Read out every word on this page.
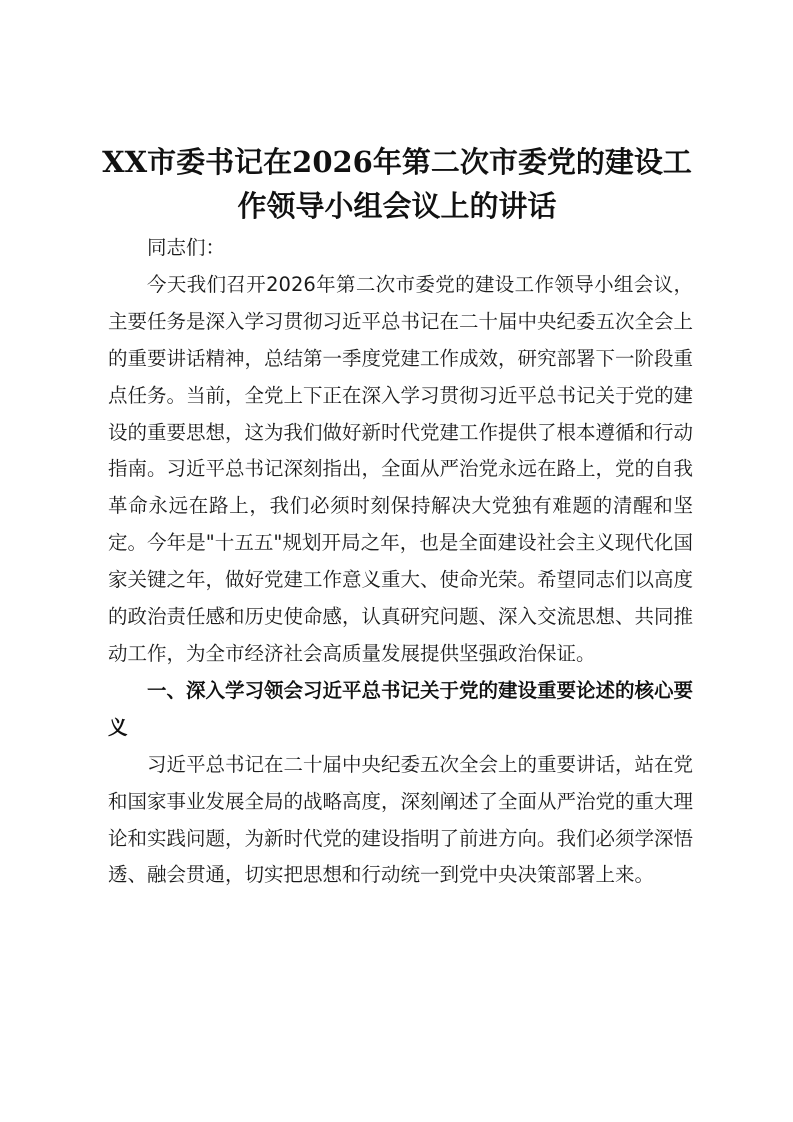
XX市委书记在2026年第二次市委党的建设工作领导小组会议上的讲话

同志们：

今天我们召开2026年第二次市委党的建设工作领导小组会议，主要任务是深入学习贯彻习近平总书记在二十届中央纪委五次全会上的重要讲话精神，总结第一季度党建工作成效，研究部署下一阶段重点任务。当前，全党上下正在深入学习贯彻习近平总书记关于党的建设的重要思想，这为我们做好新时代党建工作提供了根本遵循和行动指南。习近平总书记深刻指出，全面从严治党永远在路上，党的自我革命永远在路上，我们必须时刻保持解决大党独有难题的清醒和坚定。今年是"十五五"规划开局之年，也是全面建设社会主义现代化国家关键之年，做好党建工作意义重大、使命光荣。希望同志们以高度的政治责任感和历史使命感，认真研究问题、深入交流思想、共同推动工作，为全市经济社会高质量发展提供坚强政治保证。

一、深入学习领会习近平总书记关于党的建设重要论述的核心要义

习近平总书记在二十届中央纪委五次全会上的重要讲话，站在党和国家事业发展全局的战略高度，深刻阐述了全面从严治党的重大理论和实践问题，为新时代党的建设指明了前进方向。我们必须学深悟透、融会贯通，切实把思想和行动统一到党中央决策部署上来。
